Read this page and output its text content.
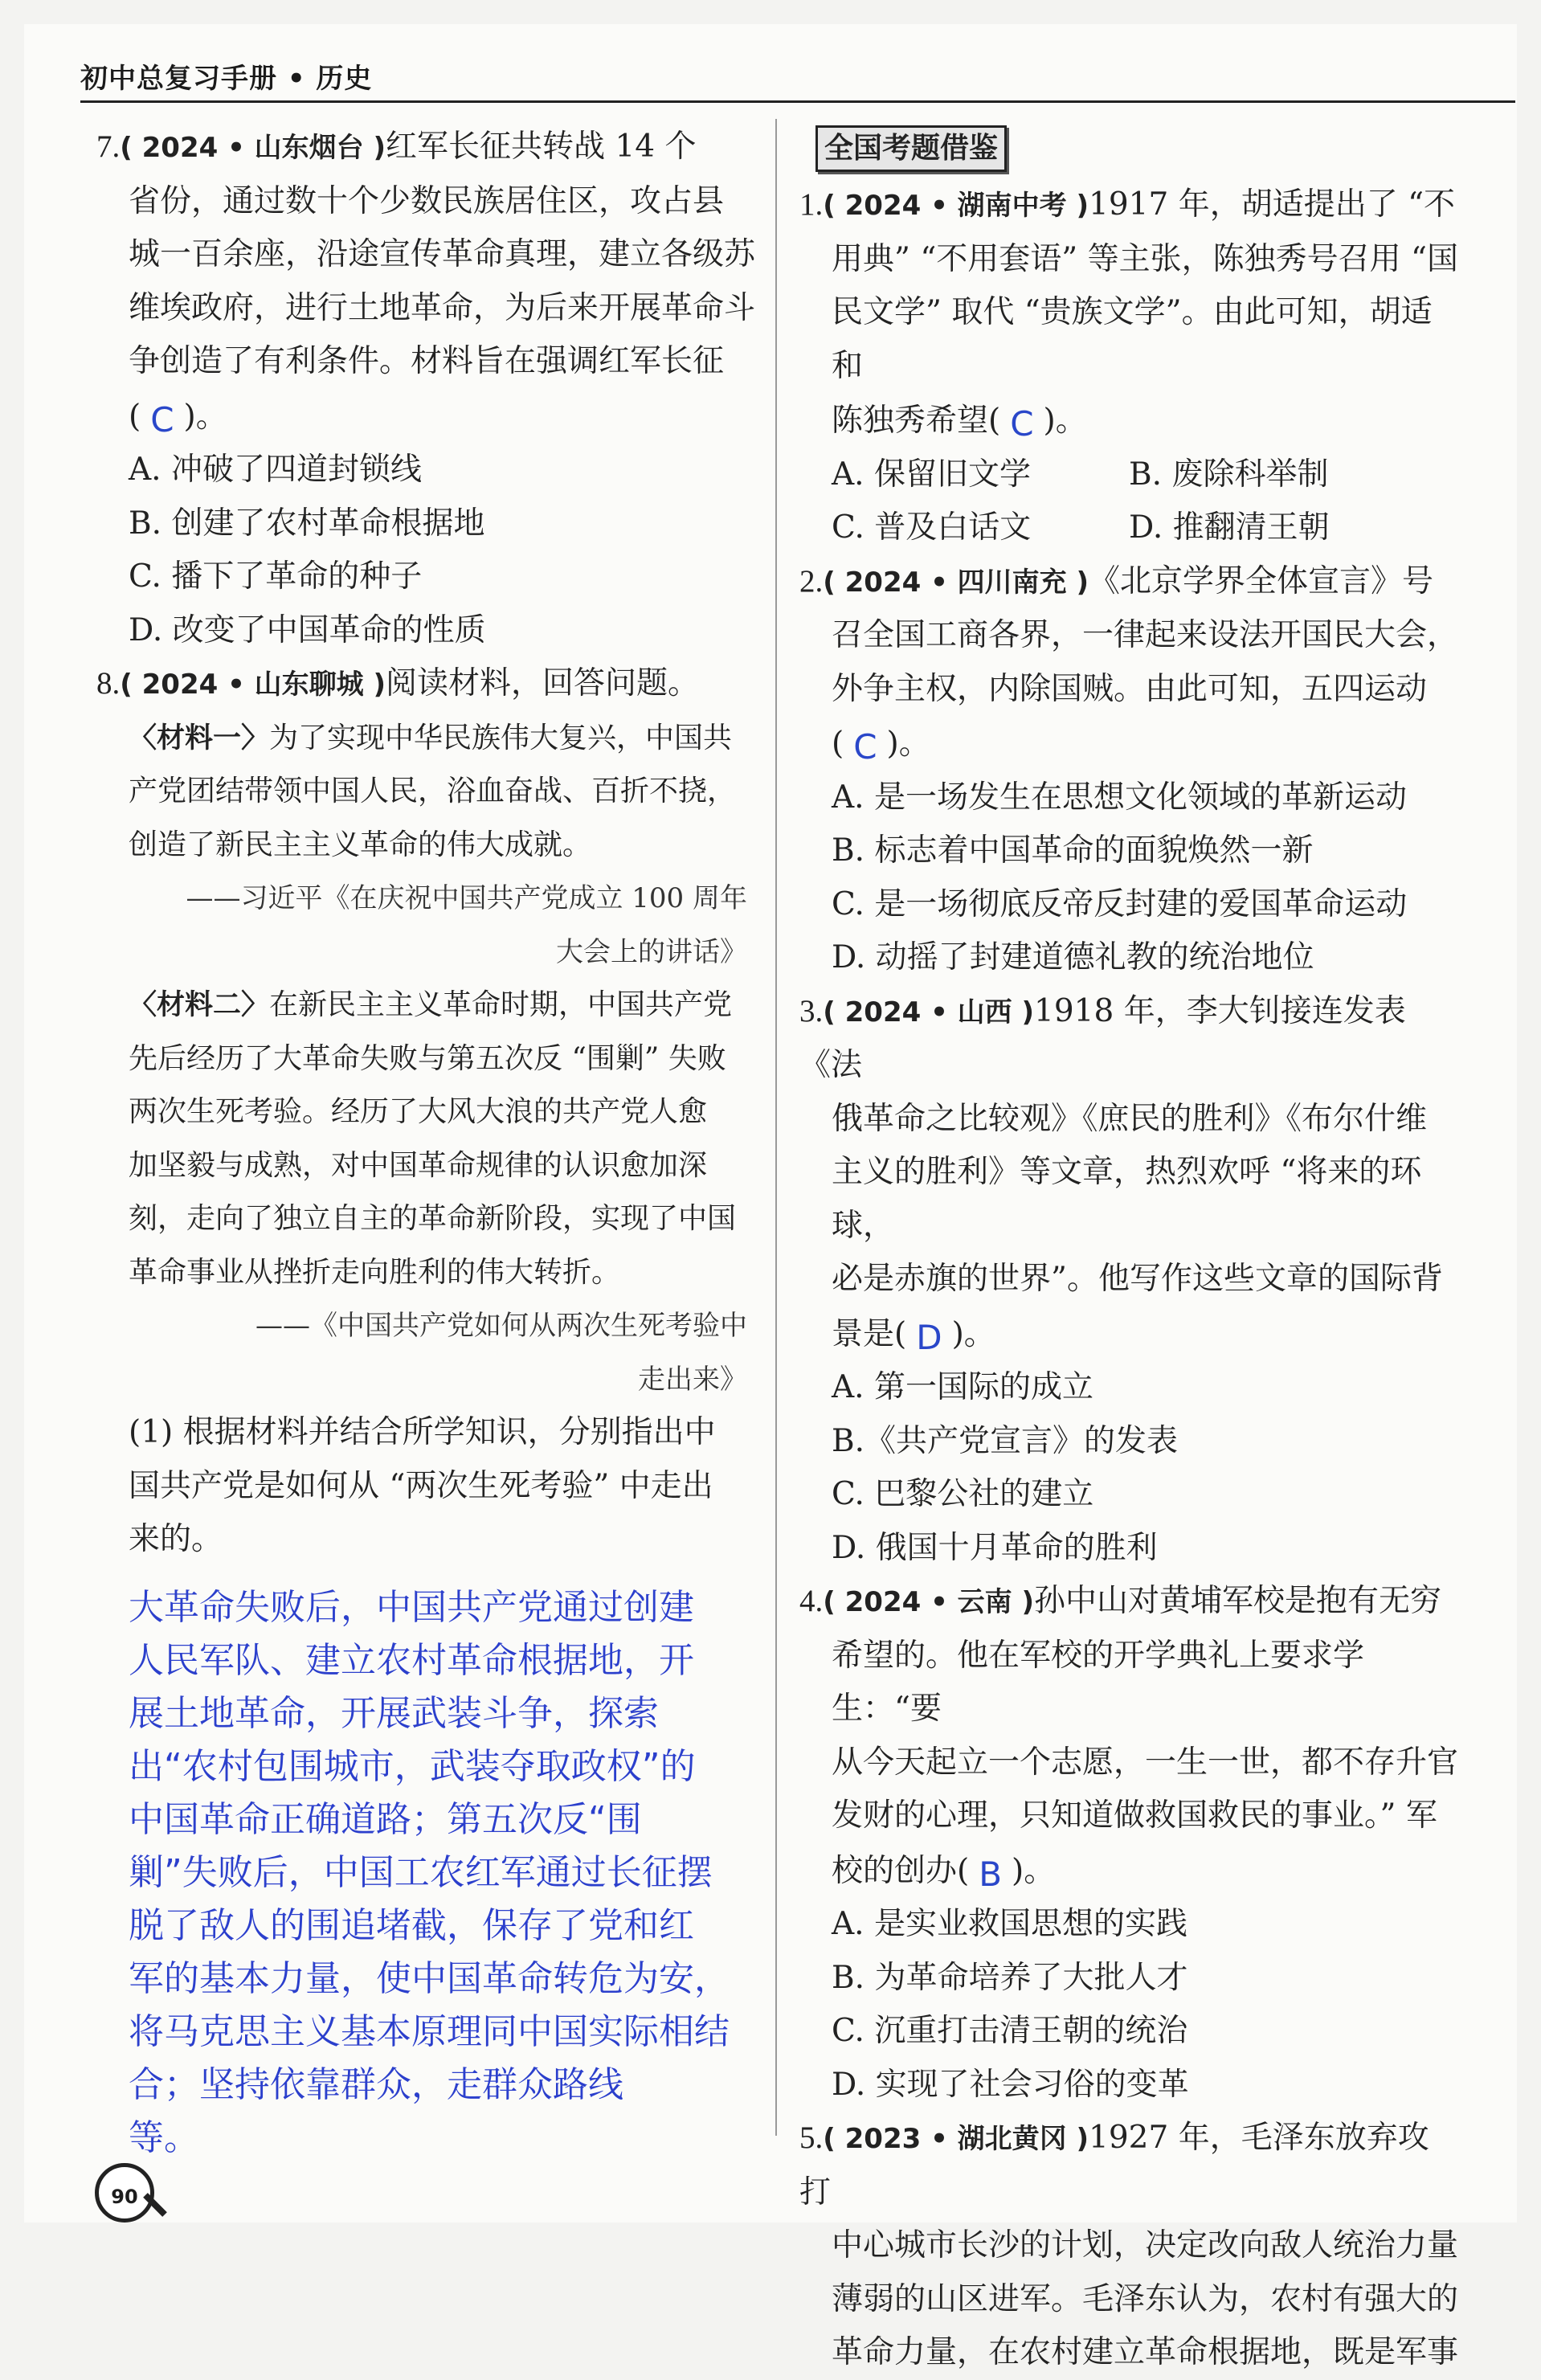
初中总复习手册 • 历史

7.( 2024 • 山东烟台 )红军长征共转战 14 个

省份，通过数十个少数民族居住区，攻占县

城一百余座，沿途宣传革命真理，建立各级苏

维埃政府，进行土地革命，为后来开展革命斗

争创造了有利条件。材料旨在强调红军长征

( C )。

A. 冲破了四道封锁线

B. 创建了农村革命根据地

C. 播下了革命的种子

D. 改变了中国革命的性质

8.( 2024 • 山东聊城 )阅读材料，回答问题。

〈材料一〉为了实现中华民族伟大复兴，中国共

产党团结带领中国人民，浴血奋战、百折不挠，

创造了新民主主义革命的伟大成就。

——习近平《在庆祝中国共产党成立 100 周年
大会上的讲话》

〈材料二〉在新民主主义革命时期，中国共产党

先后经历了大革命失败与第五次反 “围剿” 失败

两次生死考验。经历了大风大浪的共产党人愈

加坚毅与成熟，对中国革命规律的认识愈加深

刻，走向了独立自主的革命新阶段，实现了中国

革命事业从挫折走向胜利的伟大转折。

——《中国共产党如何从两次生死考验中
走出来》

(1) 根据材料并结合所学知识，分别指出中

国共产党是如何从 “两次生死考验” 中走出

来的。

大革命失败后，中国共产党通过创建
人民军队、建立农村革命根据地，开
展土地革命，开展武装斗争，探索
出“农村包围城市，武装夺取政权”的
中国革命正确道路；第五次反“围
剿”失败后，中国工农红军通过长征摆
脱了敌人的围追堵截，保存了党和红
军的基本力量，使中国革命转危为安，
将马克思主义基本原理同中国实际相结合；坚持依靠群众，走群众路线
等。
全国考题借鉴

1.( 2024 • 湖南中考 )1917 年，胡适提出了 “不

用典” “不用套语” 等主张，陈独秀号召用 “国

民文学” 取代 “贵族文学”。由此可知，胡适和

陈独秀希望( C )。

A. 保留旧文学	B. 废除科举制
C. 普及白话文	D. 推翻清王朝

2.( 2024 • 四川南充 )《北京学界全体宣言》号

召全国工商各界，一律起来设法开国民大会，

外争主权，内除国贼。由此可知，五四运动

( C )。

A. 是一场发生在思想文化领域的革新运动

B. 标志着中国革命的面貌焕然一新

C. 是一场彻底反帝反封建的爱国革命运动

D. 动摇了封建道德礼教的统治地位

3.( 2024 • 山西 )1918 年，李大钊接连发表《法

俄革命之比较观》《庶民的胜利》《布尔什维

主义的胜利》等文章，热烈欢呼 “将来的环球，

必是赤旗的世界”。他写作这些文章的国际背

景是( D )。

A. 第一国际的成立

B.《共产党宣言》的发表

C. 巴黎公社的建立

D. 俄国十月革命的胜利

4.( 2024 • 云南 )孙中山对黄埔军校是抱有无穷

希望的。他在军校的开学典礼上要求学生：“要

从今天起立一个志愿，一生一世，都不存升官

发财的心理，只知道做救国救民的事业。” 军

校的创办( B )。

A. 是实业救国思想的实践

B. 为革命培养了大批人才

C. 沉重打击清王朝的统治

D. 实现了社会习俗的变革

5.( 2023 • 湖北黄冈 )1927 年，毛泽东放弃攻打

中心城市长沙的计划，决定改向敌人统治力量

薄弱的山区进军。毛泽东认为，农村有强大的

革命力量，在农村建立革命根据地，既是军事

90
